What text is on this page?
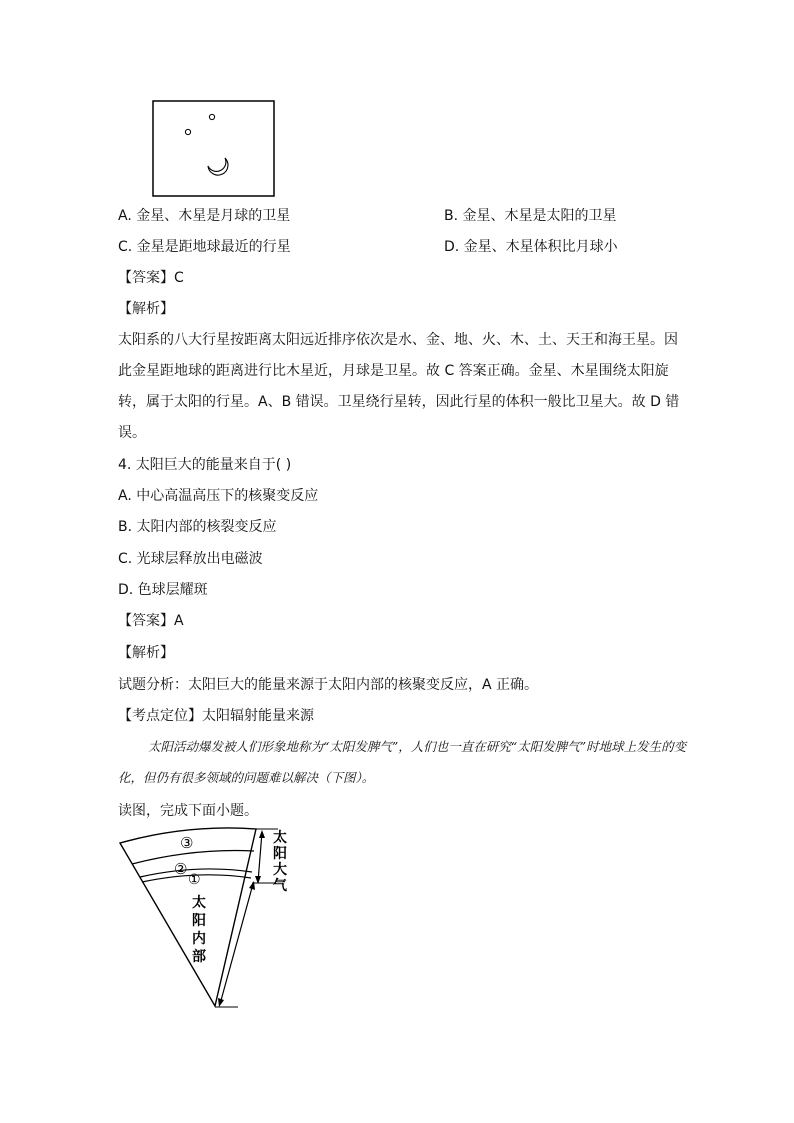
A. 金星、木星是月球的卫星	B. 金星、木星是太阳的卫星
C. 金星是距地球最近的行星	D. 金星、木星体积比月球小
【答案】C
【解析】
太阳系的八大行星按距离太阳远近排序依次是水、金、地、火、木、土、天王和海王星。因此金星距地球的距离进行比木星近，月球是卫星。故 C 答案正确。金星、木星围绕太阳旋转，属于太阳的行星。A、B 错误。卫星绕行星转，因此行星的体积一般比卫星大。故 D 错误。
4. 太阳巨大的能量来自于( )
A. 中心高温高压下的核聚变反应
B. 太阳内部的核裂变反应
C. 光球层释放出电磁波
D. 色球层耀斑
【答案】A
【解析】
试题分析：太阳巨大的能量来源于太阳内部的核聚变反应，A 正确。
【考点定位】太阳辐射能量来源
太阳活动爆发被人们形象地称为“太阳发脾气”，人们也一直在研究“太阳发脾气”时地球上发生的变化，但仍有很多领域的问题难以解决（下图）。
读图，完成下面小题。
③
②
①
太
阳
内
部
太
阳
大
气
